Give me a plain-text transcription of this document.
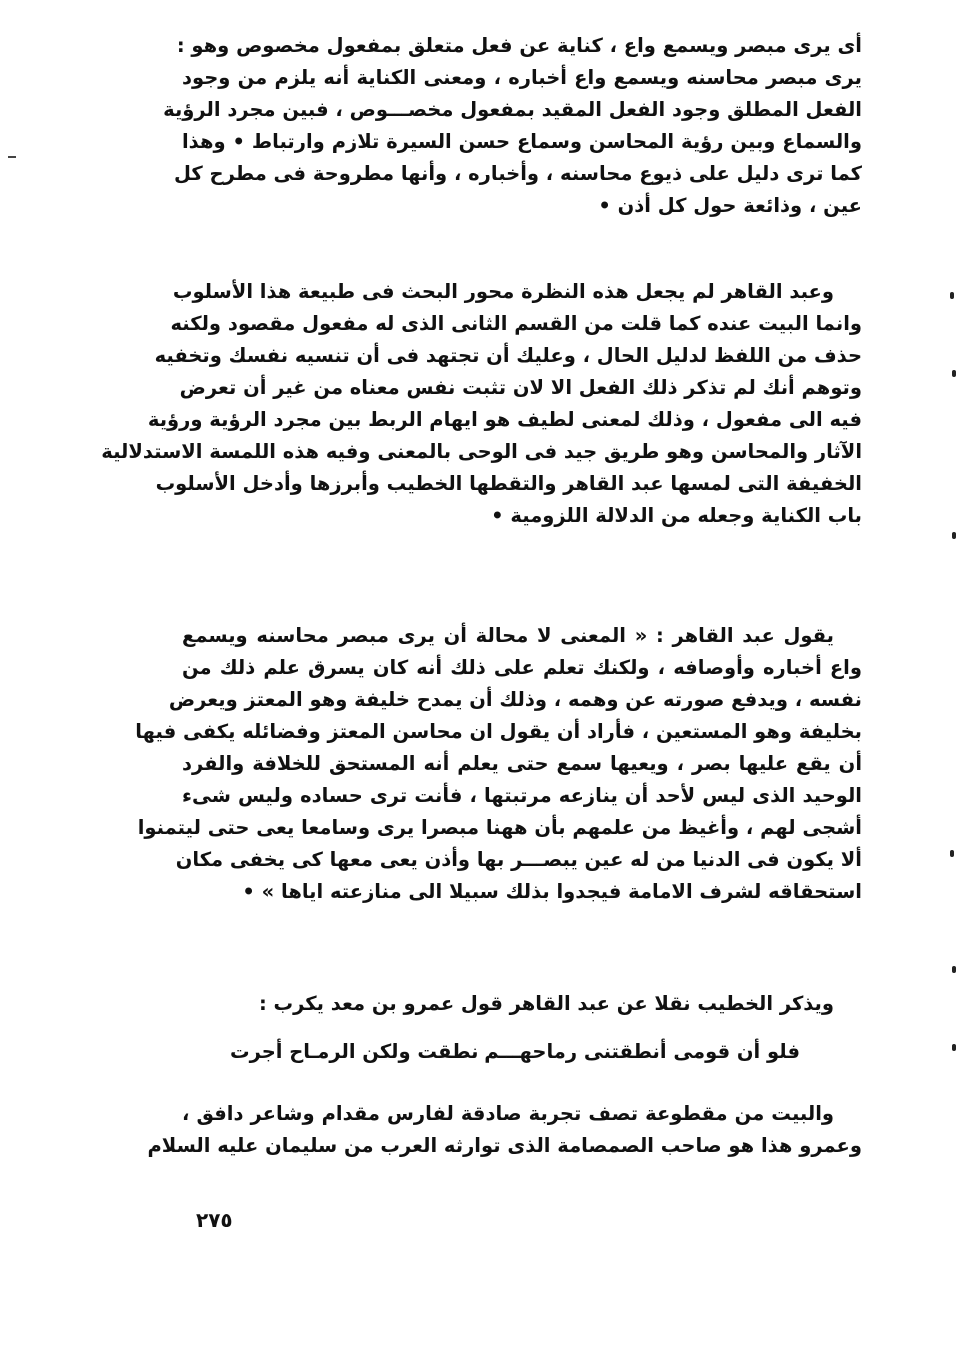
أى يرى مبصر ويسمع واع ، كناية عن فعل متعلق بمفعول مخصوص وهو :
يرى مبصر محاسنه ويسمع واع أخباره ، ومعنى الكناية أنه يلزم من وجود
الفعل المطلق وجود الفعل المقيد بمفعول مخصـــوص ، فبين مجرد الرؤية
والسماع وبين رؤية المحاسن وسماع حسن السيرة تلازم وارتباط • وهذا
كما ترى دليل على ذيوع محاسنه ، وأخباره ، وأنها مطروحة فى مطرح كل
عين ، وذائعة حول كل أذن •
وعبد القاهر لم يجعل هذه النظرة محور البحث فى طبيعة هذا الأسلوب
وانما البيت عنده كما قلت من القسم الثانى الذى له مفعول مقصود ولكنه
حذف من اللفظ لدليل الحال ، وعليك أن تجتهد فى أن تنسيه نفسك وتخفيه
وتوهم أنك لم تذكر ذلك الفعل الا لان تثبت نفس معناه من غير أن تعرض
فيه الى مفعول ، وذلك لمعنى لطيف هو ايهام الربط بين مجرد الرؤية ورؤية
الآثار والمحاسن وهو طريق جيد فى الوحى بالمعنى وفيه هذه اللمسة الاستدلالية
الخفيفة التى لمسها عبد القاهر والتقطها الخطيب وأبرزها وأدخل الأسلوب
باب الكناية وجعله من الدلالة اللزومية •
يقول عبد القاهر : « المعنى لا محالة أن يرى مبصر محاسنه ويسمع
واع أخباره وأوصافه ، ولكنك تعلم على ذلك أنه كان يسرق علم ذلك من
نفسه ، ويدفع صورته عن وهمه ، وذلك أن يمدح خليفة وهو المعتز ويعرض
بخليفة وهو المستعين ، فأراد أن يقول ان محاسن المعتز وفضائله يكفى فيها
أن يقع عليها بصر ، ويعيها سمع حتى يعلم أنه المستحق للخلافة والفرد
الوحيد الذى ليس لأحد أن ينازعه مرتبتها ، فأنت ترى حساده وليس شىء
أشجى لهم ، وأغيظ من علمهم بأن ههنا مبصرا يرى وسامعا يعى حتى ليتمنوا
ألا يكون فى الدنيا من له عين يبصـــر بها وأذن يعى معها كى يخفى مكان
استحقاقه لشرف الامامة فيجدوا بذلك سبيلا الى منازعته اياها » •
ويذكر الخطيب نقلا عن عبد القاهر قول عمرو بن معد يكرب :
فلو أن قومى أنطقتنى رماحهـــم
نطقت ولكن الرمـاح أجرت
والبيت من مقطوعة تصف تجربة صادقة لفارس مقدام وشاعر دافق ،
وعمرو هذا هو صاحب الصمصامة الذى توارثه العرب من سليمان عليه السلام
٢٧٥
